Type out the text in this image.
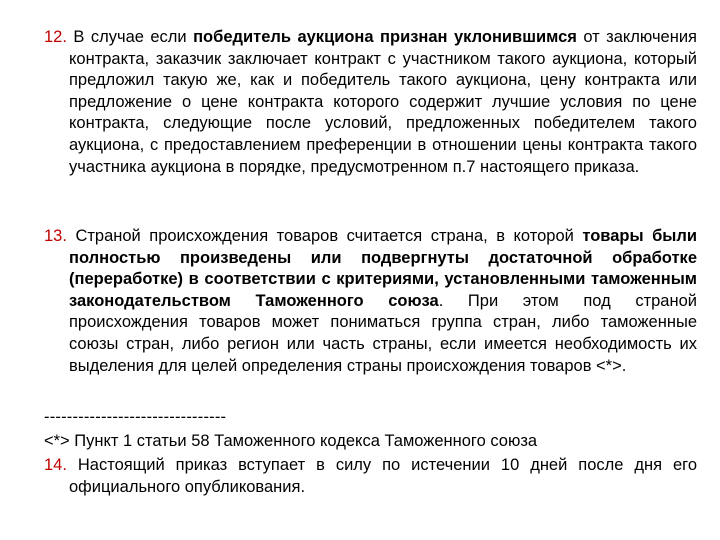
12. В случае если победитель аукциона признан уклонившимся от заключения контракта, заказчик заключает контракт с участником такого аукциона, который предложил такую же, как и победитель такого аукциона, цену контракта или предложение о цене контракта которого содержит лучшие условия по цене контракта, следующие после условий, предложенных победителем такого аукциона, с предоставлением преференции в отношении цены контракта такого участника аукциона в порядке, предусмотренном п.7 настоящего приказа.

13. Страной происхождения товаров считается страна, в которой товары были полностью произведены или подвергнуты достаточной обработке (переработке) в соответствии с критериями, установленными таможенным законодательством Таможенного союза. При этом под страной происхождения товаров может пониматься группа стран, либо таможенные союзы стран, либо регион или часть страны, если имеется необходимость их выделения для целей определения страны происхождения товаров <*>.

--------------------------------
<*> Пункт 1 статьи 58 Таможенного кодекса Таможенного союза

14. Настоящий приказ вступает в силу по истечении 10 дней после дня его официального опубликования.
